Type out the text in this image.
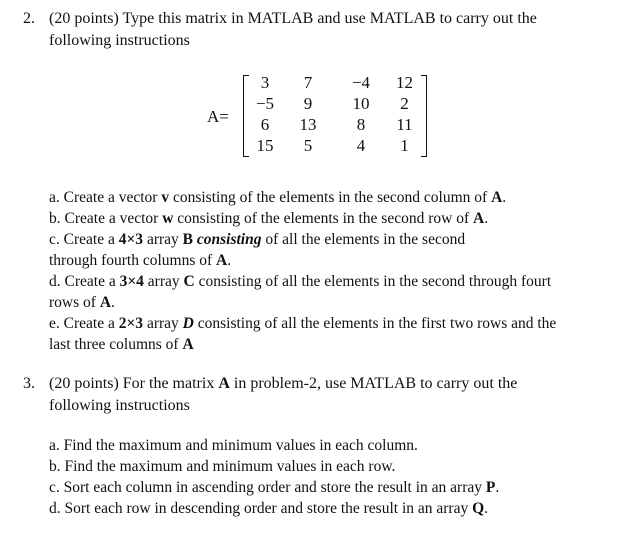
2. (20 points) Type this matrix in MATLAB and use MATLAB to carry out the
following instructions
A=
3	7	−4	12
−5	9	10	2
6	13	8	11
15	5	4	1
a. Create a vector v consisting of the elements in the second column of A.
b. Create a vector w consisting of the elements in the second row of A.
c. Create a 4×3 array B consisting of all the elements in the second
through fourth columns of A.
d. Create a 3×4 array C consisting of all the elements in the second through fourt
rows of A.
e. Create a 2×3 array D consisting of all the elements in the first two rows and the
last three columns of A
3. (20 points) For the matrix A in problem-2, use MATLAB to carry out the
following instructions
a. Find the maximum and minimum values in each column.
b. Find the maximum and minimum values in each row.
c. Sort each column in ascending order and store the result in an array P.
d. Sort each row in descending order and store the result in an array Q.
